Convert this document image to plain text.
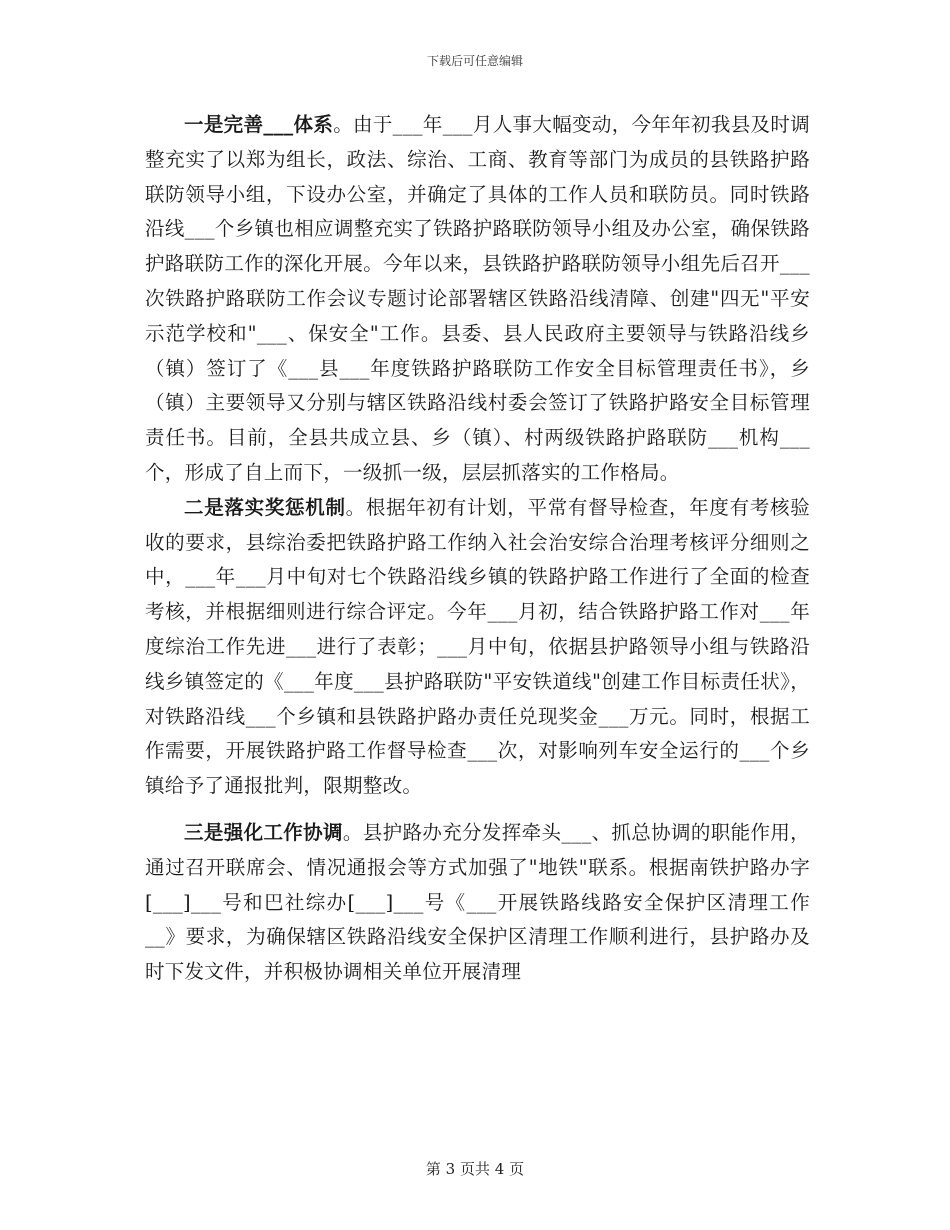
下载后可任意编辑

一是完善___体系。由于___年___月人事大幅变动，今年年初我县及时调整充实了以郑为组长，政法、综治、工商、教育等部门为成员的县铁路护路联防领导小组，下设办公室，并确定了具体的工作人员和联防员。同时铁路沿线___个乡镇也相应调整充实了铁路护路联防领导小组及办公室，确保铁路护路联防工作的深化开展。今年以来，县铁路护路联防领导小组先后召开___次铁路护路联防工作会议专题讨论部署辖区铁路沿线清障、创建"四无"平安示范学校和"___、保安全"工作。县委、县人民政府主要领导与铁路沿线乡（镇）签订了《___县___年度铁路护路联防工作安全目标管理责任书》，乡（镇）主要领导又分别与辖区铁路沿线村委会签订了铁路护路安全目标管理责任书。目前，全县共成立县、乡（镇）、村两级铁路护路联防___机构___个，形成了自上而下，一级抓一级，层层抓落实的工作格局。

二是落实奖惩机制。根据年初有计划，平常有督导检查，年度有考核验收的要求，县综治委把铁路护路工作纳入社会治安综合治理考核评分细则之中，___年___月中旬对七个铁路沿线乡镇的铁路护路工作进行了全面的检查考核，并根据细则进行综合评定。今年___月初，结合铁路护路工作对___年度综治工作先进___进行了表彰；___月中旬，依据县护路领导小组与铁路沿线乡镇签定的《___年度___县护路联防"平安铁道线"创建工作目标责任状》，对铁路沿线___个乡镇和县铁路护路办责任兑现奖金___万元。同时，根据工作需要，开展铁路护路工作督导检查___次，对影响列车安全运行的___个乡镇给予了通报批判，限期整改。

三是强化工作协调。县护路办充分发挥牵头___、抓总协调的职能作用，通过召开联席会、情况通报会等方式加强了"地铁"联系。根据南铁护路办字[___]___号和巴社综办[___]___号《___开展铁路线路安全保护区清理工作__》要求，为确保辖区铁路沿线安全保护区清理工作顺利进行，县护路办及时下发文件，并积极协调相关单位开展清理

第 3 页共 4 页
